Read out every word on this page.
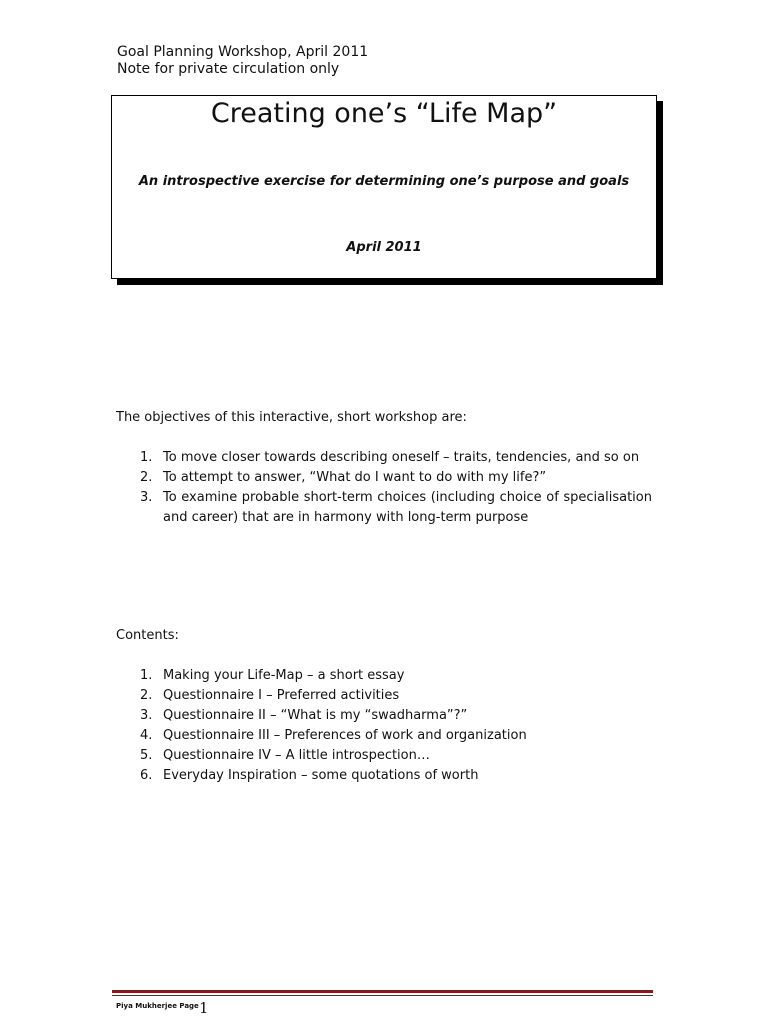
Goal Planning Workshop, April 2011
Note for private circulation only
Creating one’s “Life Map”
An introspective exercise for determining one’s purpose and goals
April 2011
The objectives of this interactive, short workshop are:
1. To move closer towards describing oneself – traits, tendencies, and so on
2. To attempt to answer, “What do I want to do with my life?”
3. To examine probable short-term choices (including choice of specialisation and career) that are in harmony with long-term purpose
Contents:
1. Making your Life-Map – a short essay
2. Questionnaire I – Preferred activities
3. Questionnaire II – “What is my “swadharma”?”
4. Questionnaire III – Preferences of work and organization
5. Questionnaire IV – A little introspection…
6. Everyday Inspiration – some quotations of worth
Piya Mukherjee Page 1
